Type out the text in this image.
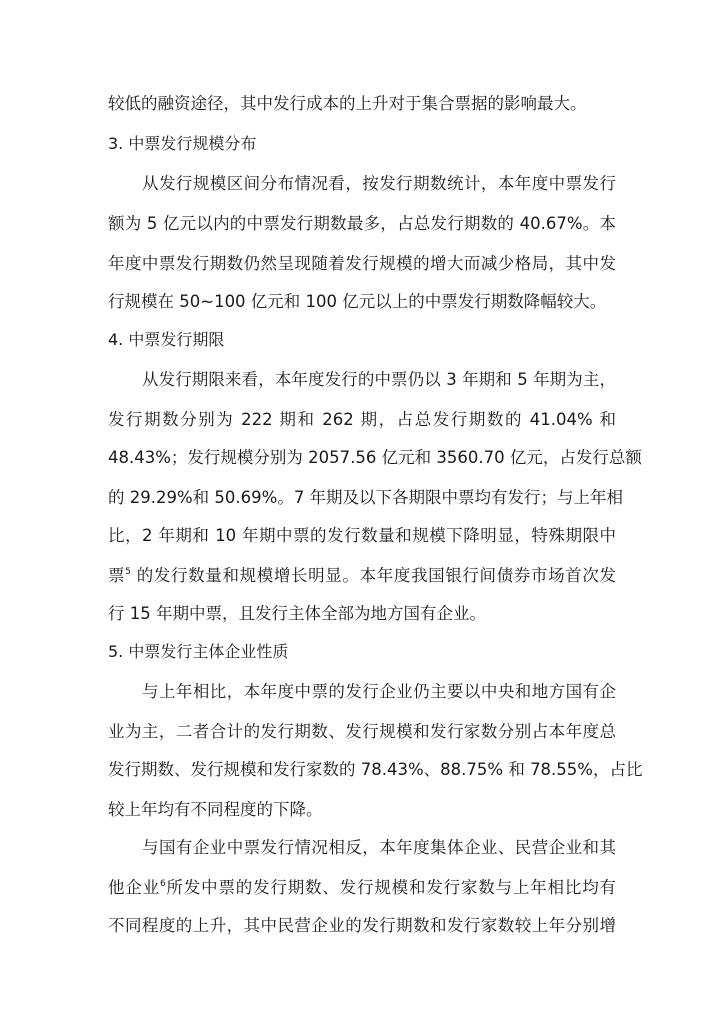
较低的融资途径，其中发行成本的上升对于集合票据的影响最大。
3. 中票发行规模分布
从发行规模区间分布情况看，按发行期数统计，本年度中票发行
额为 5 亿元以内的中票发行期数最多，占总发行期数的 40.67%。本
年度中票发行期数仍然呈现随着发行规模的增大而减少格局，其中发
行规模在 50~100 亿元和 100 亿元以上的中票发行期数降幅较大。
4. 中票发行期限
从发行期限来看，本年度发行的中票仍以 3 年期和 5 年期为主，
发行期数分别为 222 期和 262 期，占总发行期数的 41.04% 和
48.43%；发行规模分别为 2057.56 亿元和 3560.70 亿元，占发行总额
的 29.29%和 50.69%。7 年期及以下各期限中票均有发行；与上年相
比，2 年期和 10 年期中票的发行数量和规模下降明显，特殊期限中
票$^5$ 的发行数量和规模增长明显。本年度我国银行间债券市场首次发
行 15 年期中票，且发行主体全部为地方国有企业。
5. 中票发行主体企业性质
与上年相比，本年度中票的发行企业仍主要以中央和地方国有企
业为主，二者合计的发行期数、发行规模和发行家数分别占本年度总
发行期数、发行规模和发行家数的 78.43%、88.75% 和 78.55%，占比
较上年均有不同程度的下降。
与国有企业中票发行情况相反，本年度集体企业、民营企业和其
他企业$^6$所发中票的发行期数、发行规模和发行家数与上年相比均有
不同程度的上升，其中民营企业的发行期数和发行家数较上年分别增
